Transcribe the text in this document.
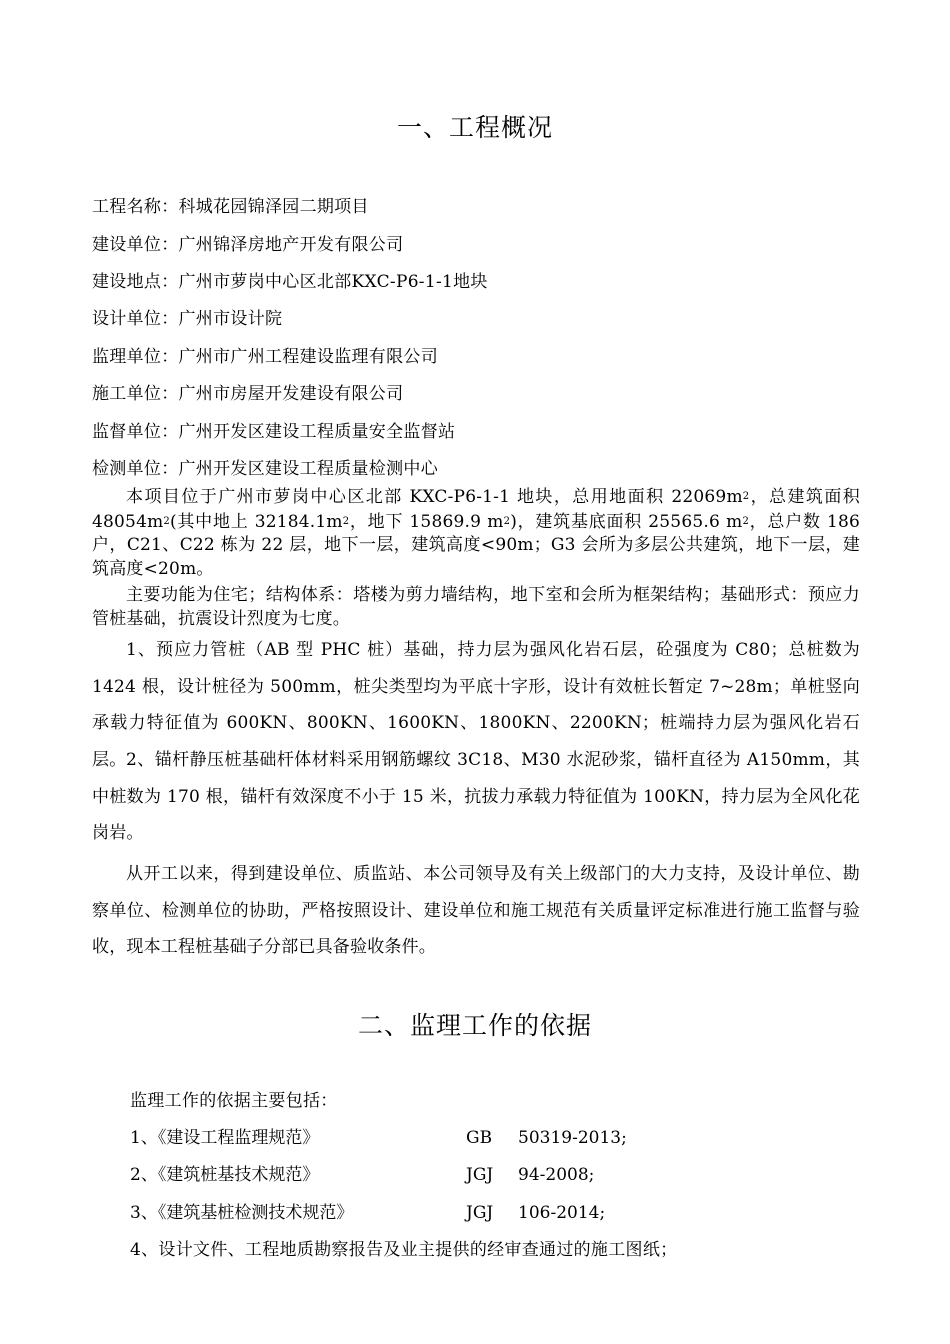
一、工程概况
工程名称：科城花园锦泽园二期项目
建设单位：广州锦泽房地产开发有限公司
建设地点：广州市萝岗中心区北部KXC-P6-1-1地块
设计单位：广州市设计院
监理单位：广州市广州工程建设监理有限公司
施工单位：广州市房屋开发建设有限公司
监督单位：广州开发区建设工程质量安全监督站
检测单位：广州开发区建设工程质量检测中心
本项目位于广州市萝岗中心区北部 KXC-P6-1-1 地块，总用地面积 $22069m^2$，总建筑面积 $48054m^2$(其中地上 $32184.1m^2$，地下 15869.9 $m^2$)，建筑基底面积 25565.6 $m^2$，总户数 186 户，C21、C22 栋为 22 层，地下一层，建筑高度<90m；G3 会所为多层公共建筑，地下一层，建筑高度<20m。
主要功能为住宅；结构体系：塔楼为剪力墙结构，地下室和会所为框架结构；基础形式：预应力管桩基础，抗震设计烈度为七度。
1、预应力管桩（AB 型 PHC 桩）基础，持力层为强风化岩石层，砼强度为 C80；总桩数为 1424 根，设计桩径为 500mm，桩尖类型均为平底十字形，设计有效桩长暂定 7~28m；单桩竖向承载力特征值为 600KN、800KN、1600KN、1800KN、2200KN；桩端持力层为强风化岩石层。 2、锚杆静压桩基础杆体材料采用钢筋螺纹 3C18、M30 水泥砂浆，锚杆直径为 A150mm，其中桩数为 170 根，锚杆有效深度不小于 15 米，抗拔力承载力特征值为 100KN，持力层为全风化花岗岩。
从开工以来，得到建设单位、质监站、本公司领导及有关上级部门的大力支持，及设计单位、勘察单位、检测单位的协助，严格按照设计、建设单位和施工规范有关质量评定标准进行施工监督与验收，现本工程桩基础子分部已具备验收条件。
二、监理工作的依据
监理工作的依据主要包括：
1、《建设工程监理规范》	GB 50319-2013;
2、《建筑桩基技术规范》	JGJ 94-2008;
3、《建筑基桩检测技术规范》	JGJ 106-2014;
4、设计文件、工程地质勘察报告及业主提供的经审查通过的施工图纸；
